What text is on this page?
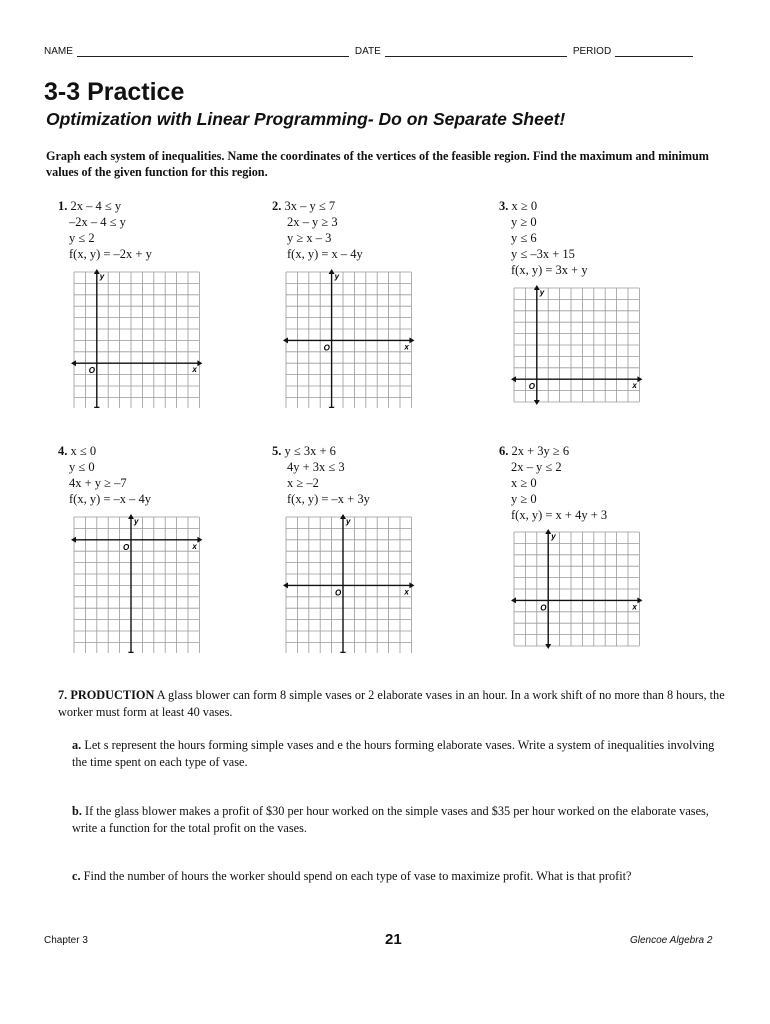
NAME	DATE	PERIOD
3-3 Practice
Optimization with Linear Programming- Do on Separate Sheet!
Graph each system of inequalities. Name the coordinates of the vertices of the feasible region. Find the maximum and minimum values of the given function for this region.
1. 2x – 4 ≤ y
–2x – 4 ≤ y
y ≤ 2
f(x, y) = –2x + y
2. 3x – y ≤ 7
2x – y ≥ 3
y ≥ x – 3
f(x, y) = x – 4y
3. x ≥ 0
y ≥ 0
y ≤ 6
y ≤ –3x + 15
f(x, y) = 3x + y
4. x ≤ 0
y ≤ 0
4x + y ≥ –7
f(x, y) = –x – 4y
5. y ≤ 3x + 6
4y + 3x ≤ 3
x ≥ –2
f(x, y) = –x + 3y
6. 2x + 3y ≥ 6
2x – y ≤ 2
x ≥ 0
y ≥ 0
f(x, y) = x + 4y + 3
x
y
O
x
y
O
x
y
O
x
y
O
x
y
O
x
y
O

7. PRODUCTION A glass blower can form 8 simple vases or 2 elaborate vases in an hour. In a work shift of no more than 8 hours, the worker must form at least 40 vases.

a. Let s represent the hours forming simple vases and e the hours forming elaborate vases. Write a system of inequalities involving the time spent on each type of vase.
b. If the glass blower makes a profit of $30 per hour worked on the simple vases and $35 per hour worked on the elaborate vases, write a function for the total profit on the vases.
c. Find the number of hours the worker should spend on each type of vase to maximize profit. What is that profit?
Chapter 3	21	Glencoe Algebra 2
